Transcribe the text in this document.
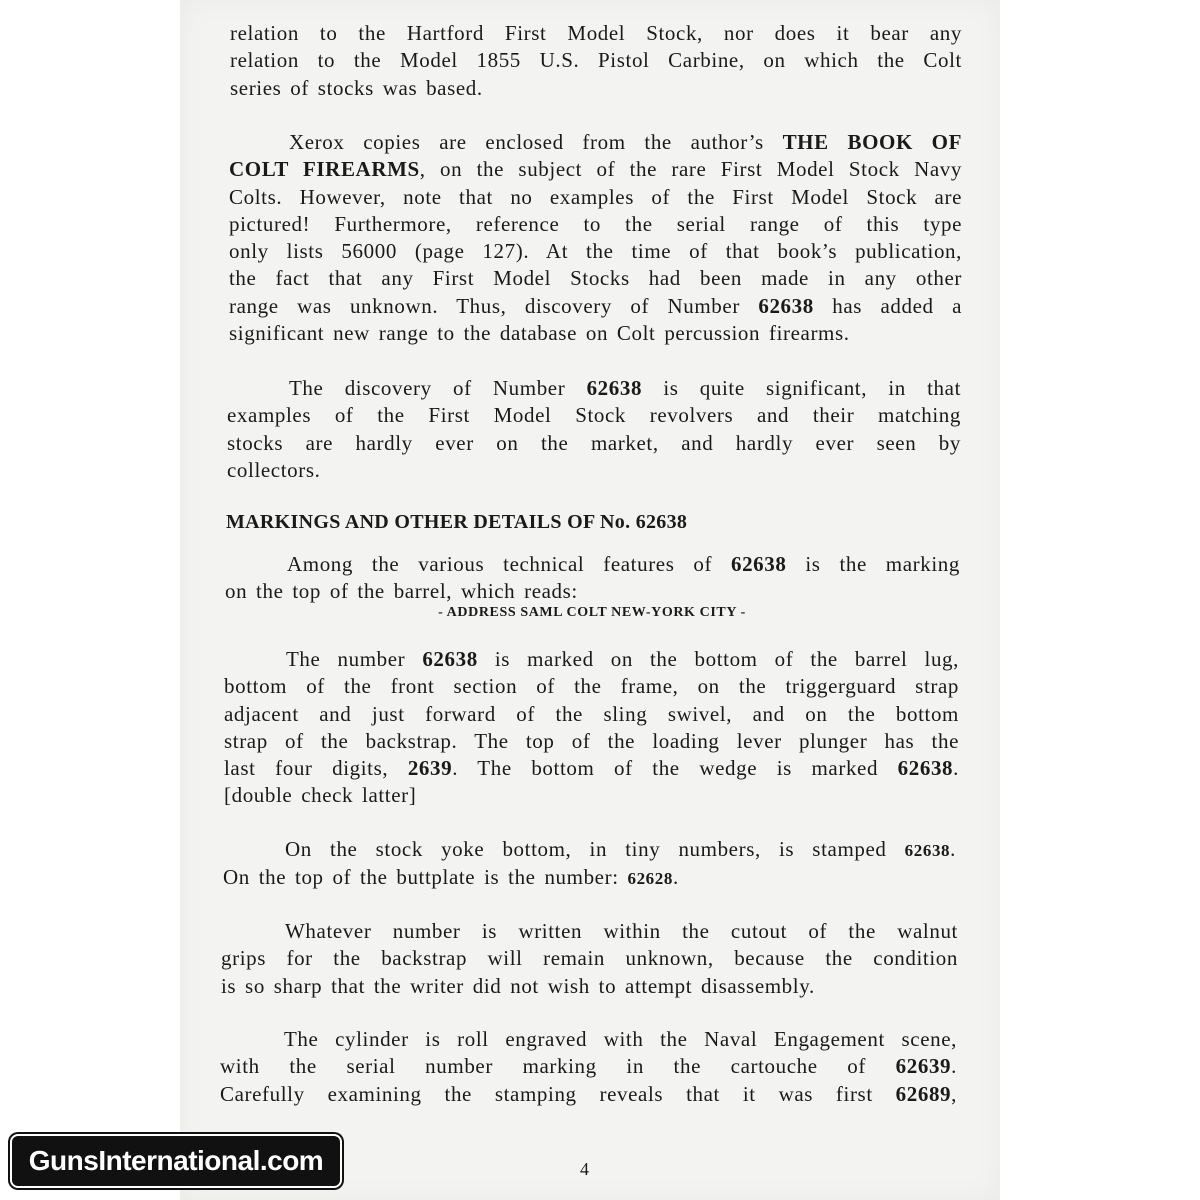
relation to the Hartford First Model Stock, nor does it bear any
relation to the Model 1855 U.S. Pistol Carbine, on which the Colt
series of stocks was based.
Xerox copies are enclosed from the author’s THE BOOK OF
COLT FIREARMS, on the subject of the rare First Model Stock Navy
Colts. However, note that no examples of the First Model Stock are
pictured! Furthermore, reference to the serial range of this type
only lists 56000 (page 127). At the time of that book’s publication,
the fact that any First Model Stocks had been made in any other
range was unknown. Thus, discovery of Number 62638 has added a
significant new range to the database on Colt percussion firearms.
The discovery of Number 62638 is quite significant, in that
examples of the First Model Stock revolvers and their matching
stocks are hardly ever on the market, and hardly ever seen by
collectors.
MARKINGS AND OTHER DETAILS OF No. 62638
Among the various technical features of 62638 is the marking
on the top of the barrel, which reads:
- ADDRESS SAML COLT NEW-YORK CITY -
The number 62638 is marked on the bottom of the barrel lug,
bottom of the front section of the frame, on the triggerguard strap
adjacent and just forward of the sling swivel, and on the bottom
strap of the backstrap. The top of the loading lever plunger has the
last four digits, 2639. The bottom of the wedge is marked 62638.
[double check latter]
On the stock yoke bottom, in tiny numbers, is stamped 62638.
On the top of the buttplate is the number: 62628.
Whatever number is written within the cutout of the walnut
grips for the backstrap will remain unknown, because the condition
is so sharp that the writer did not wish to attempt disassembly.
The cylinder is roll engraved with the Naval Engagement scene,
with the serial number marking in the cartouche of 62639.
Carefully examining the stamping reveals that it was first 62689,
GunsInternational.com	4
